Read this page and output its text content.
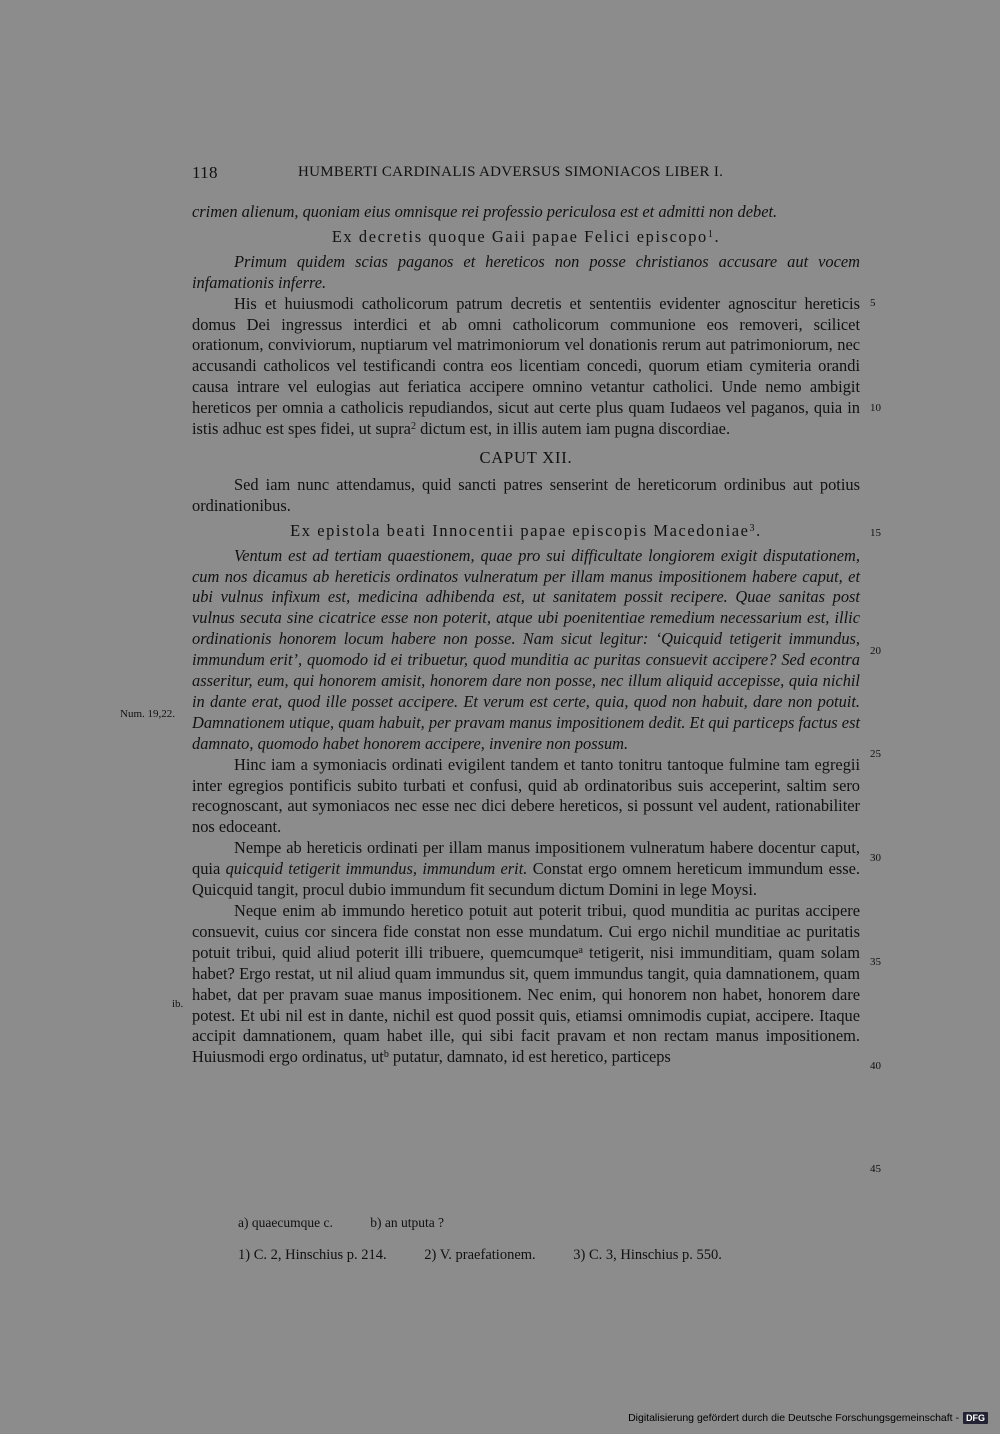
118	HUMBERTI CARDINALIS ADVERSUS SIMONIACOS LIBER I.

crimen alienum, quoniam eius omnisque rei professio periculosa est et admitti non debet.

Ex decretis quoque Gaii papae Felici episcopo$^1$.

Primum quidem scias paganos et hereticos non posse christianos accusare aut vocem infamationis inferre.

His et huiusmodi catholicorum patrum decretis et sententiis evidenter agnoscitur hereticis domus Dei ingressus interdici et ab omni catholicorum communione eos removeri, scilicet orationum, conviviorum, nuptiarum vel matrimoniorum vel donationis rerum aut patrimoniorum, nec accusandi catholicos vel testificandi contra eos licentiam concedi, quorum etiam cymiteria orandi causa intrare vel eulogias aut feriatica accipere omnino vetantur catholici. Unde nemo ambigit hereticos per omnia a catholicis repudiandos, sicut aut certe plus quam Iudaeos vel paganos, quia in istis adhuc est spes fidei, ut supra$^2$ dictum est, in illis autem iam pugna discordiae.

CAPUT XII.

Sed iam nunc attendamus, quid sancti patres senserint de hereticorum ordinibus aut potius ordinationibus.

Ex epistola beati Innocentii papae episcopis Macedoniae$^3$.

Ventum est ad tertiam quaestionem, quae pro sui difficultate longiorem exigit disputationem, cum nos dicamus ab hereticis ordinatos vulneratum per illam manus impositionem habere caput, et ubi vulnus infixum est, medicina adhibenda est, ut sanitatem possit recipere. Quae sanitas post vulnus secuta sine cicatrice esse non poterit, atque ubi poenitentiae remedium necessarium est, illic ordinationis honorem locum habere non posse. Nam sicut legitur: ‘Quicquid tetigerit immundus, immundum erit’, quomodo id ei tribuetur, quod munditia ac puritas consuevit accipere? Sed econtra asseritur, eum, qui honorem amisit, honorem dare non posse, nec illum aliquid accepisse, quia nichil in dante erat, quod ille posset accipere. Et verum est certe, quia, quod non habuit, dare non potuit. Damnationem utique, quam habuit, per pravam manus impositionem dedit. Et qui particeps factus est damnato, quomodo habet honorem accipere, invenire non possum.

Hinc iam a symoniacis ordinati evigilent tandem et tanto tonitru tantoque fulmine tam egregii inter egregios pontificis subito turbati et confusi, quid ab ordinatoribus suis acceperint, saltim sero recognoscant, aut symoniacos nec esse nec dici debere hereticos, si possunt vel audent, rationabiliter nos edoceant.

Nempe ab hereticis ordinati per illam manus impositionem vulneratum habere docentur caput, quia quicquid tetigerit immundus, immundum erit. Constat ergo omnem hereticum immundum esse. Quicquid tangit, procul dubio immundum fit secundum dictum Domini in lege Moysi.

Neque enim ab immundo heretico potuit aut poterit tribui, quod munditia ac puritas accipere consuevit, cuius cor sincera fide constat non esse mundatum. Cui ergo nichil munditiae ac puritatis potuit tribui, quid aliud poterit illi tribuere, quemcumque$^a$ tetigerit, nisi immunditiam, quam solam habet? Ergo restat, ut nil aliud quam immundus sit, quem immundus tangit, quia damnationem, quam habet, dat per pravam suae manus impositionem. Nec enim, qui honorem non habet, honorem dare potest. Et ubi nil est in dante, nichil est quod possit quis, etiamsi omnimodis cupiat, accipere. Itaque accipit damnationem, quam habet ille, qui sibi facit pravam et non rectam manus impositionem. Huiusmodi ergo ordinatus, $ut^b$ putatur, damnato, id est heretico, particeps

5
10
15
20
25
30
35
40
45
Num. 19,22.
ib.
a) quaecumque c.	b) an utputa ?
1) C. 2, Hinschius p. 214.	2) V. praefationem.	3) C. 3, Hinschius p. 550.
Digitalisierung gefördert durch die Deutsche Forschungsgemeinschaft - DFG
